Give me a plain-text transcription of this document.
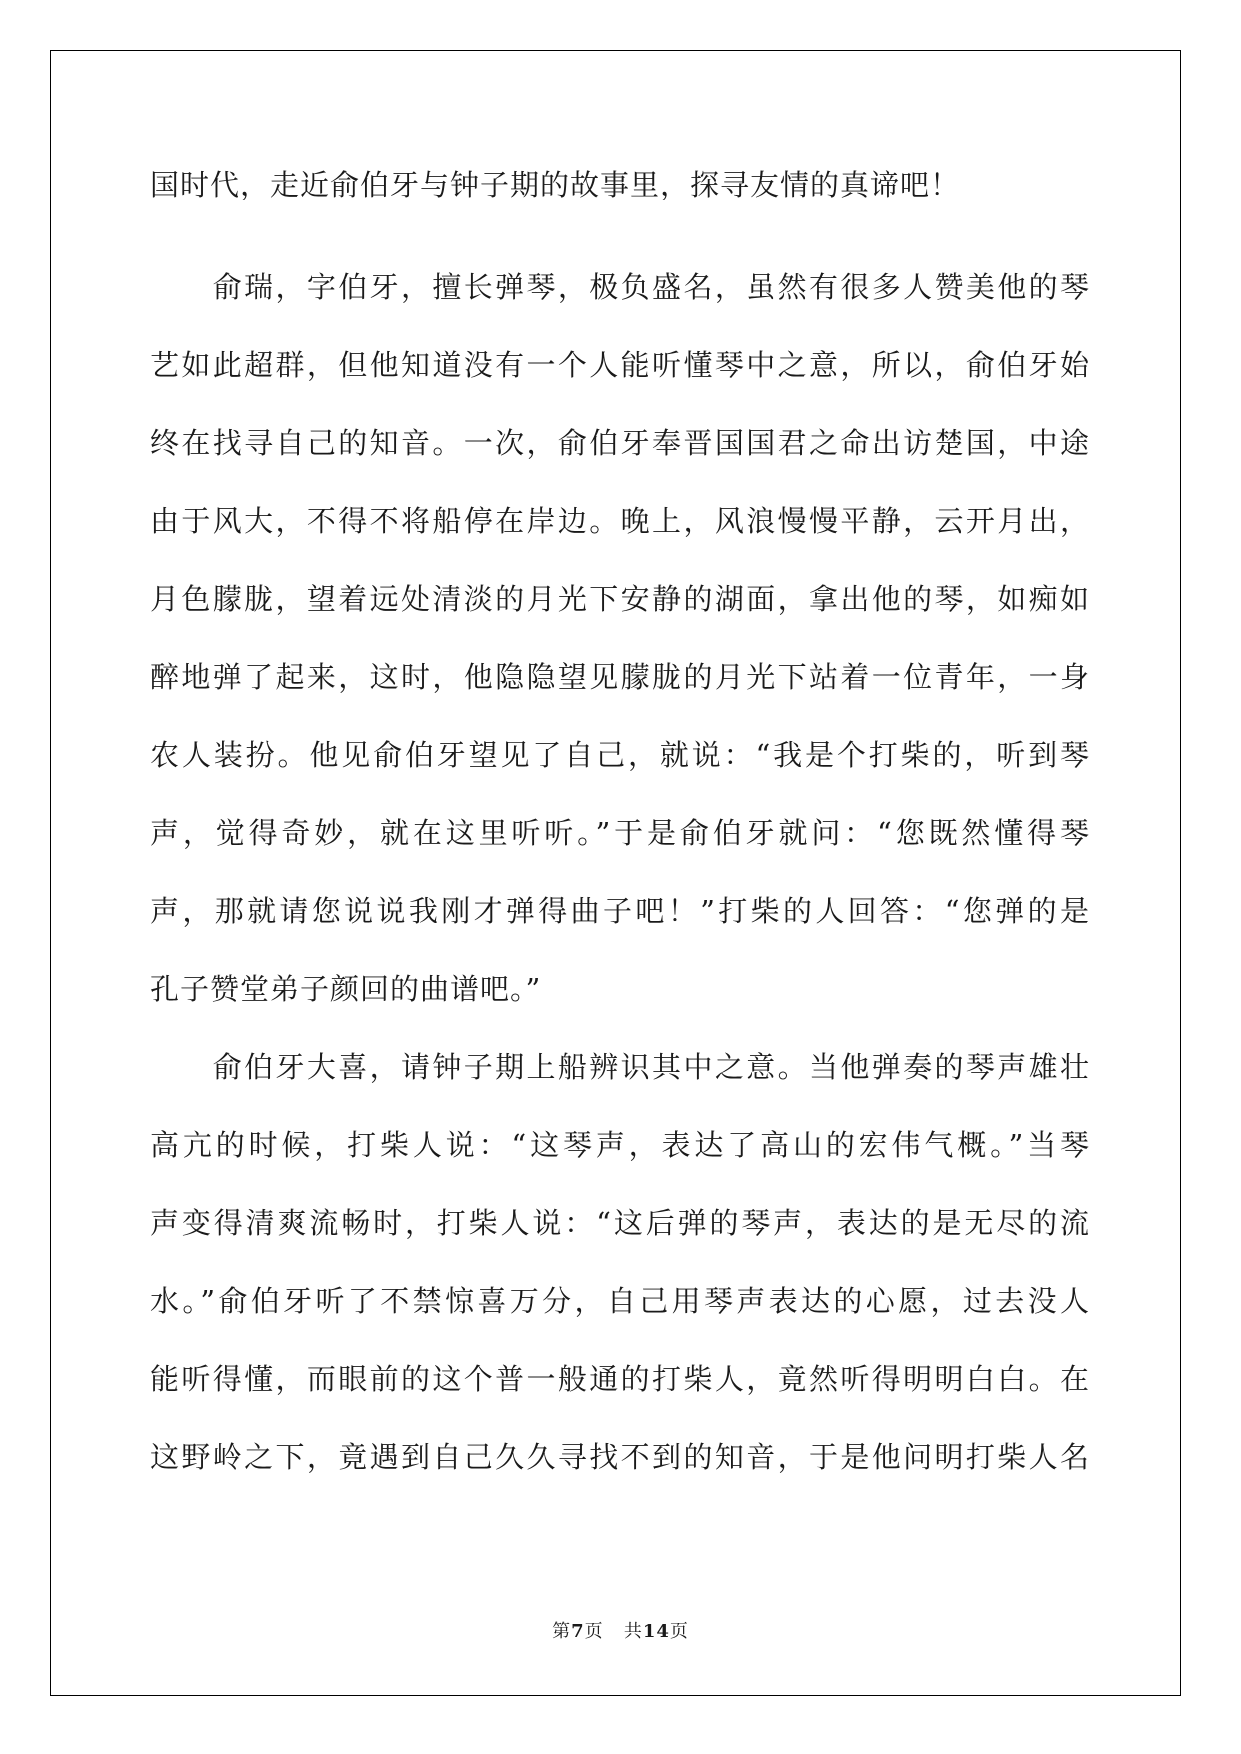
国时代，走近俞伯牙与钟子期的故事里，探寻友情的真谛吧！
　　俞瑞，字伯牙，擅长弹琴，极负盛名，虽然有很多人赞美他的琴
艺如此超群，但他知道没有一个人能听懂琴中之意，所以，俞伯牙始
终在找寻自己的知音。一次，俞伯牙奉晋国国君之命出访楚国，中途
由于风大，不得不将船停在岸边。晚上，风浪慢慢平静，云开月出，
月色朦胧，望着远处清淡的月光下安静的湖面，拿出他的琴，如痴如
醉地弹了起来，这时，他隐隐望见朦胧的月光下站着一位青年，一身
农人装扮。他见俞伯牙望见了自己，就说：“我是个打柴的，听到琴
声，觉得奇妙，就在这里听听。”于是俞伯牙就问：“您既然懂得琴
声，那就请您说说我刚才弹得曲子吧！”打柴的人回答：“您弹的是
孔子赞堂弟子颜回的曲谱吧。”
　　俞伯牙大喜，请钟子期上船辨识其中之意。当他弹奏的琴声雄壮
高亢的时候，打柴人说：“这琴声，表达了高山的宏伟气概。”当琴
声变得清爽流畅时，打柴人说：“这后弹的琴声，表达的是无尽的流
水。”俞伯牙听了不禁惊喜万分，自己用琴声表达的心愿，过去没人
能听得懂，而眼前的这个普一般通的打柴人，竟然听得明明白白。在
这野岭之下，竟遇到自己久久寻找不到的知音，于是他问明打柴人名
第7页 共14页
